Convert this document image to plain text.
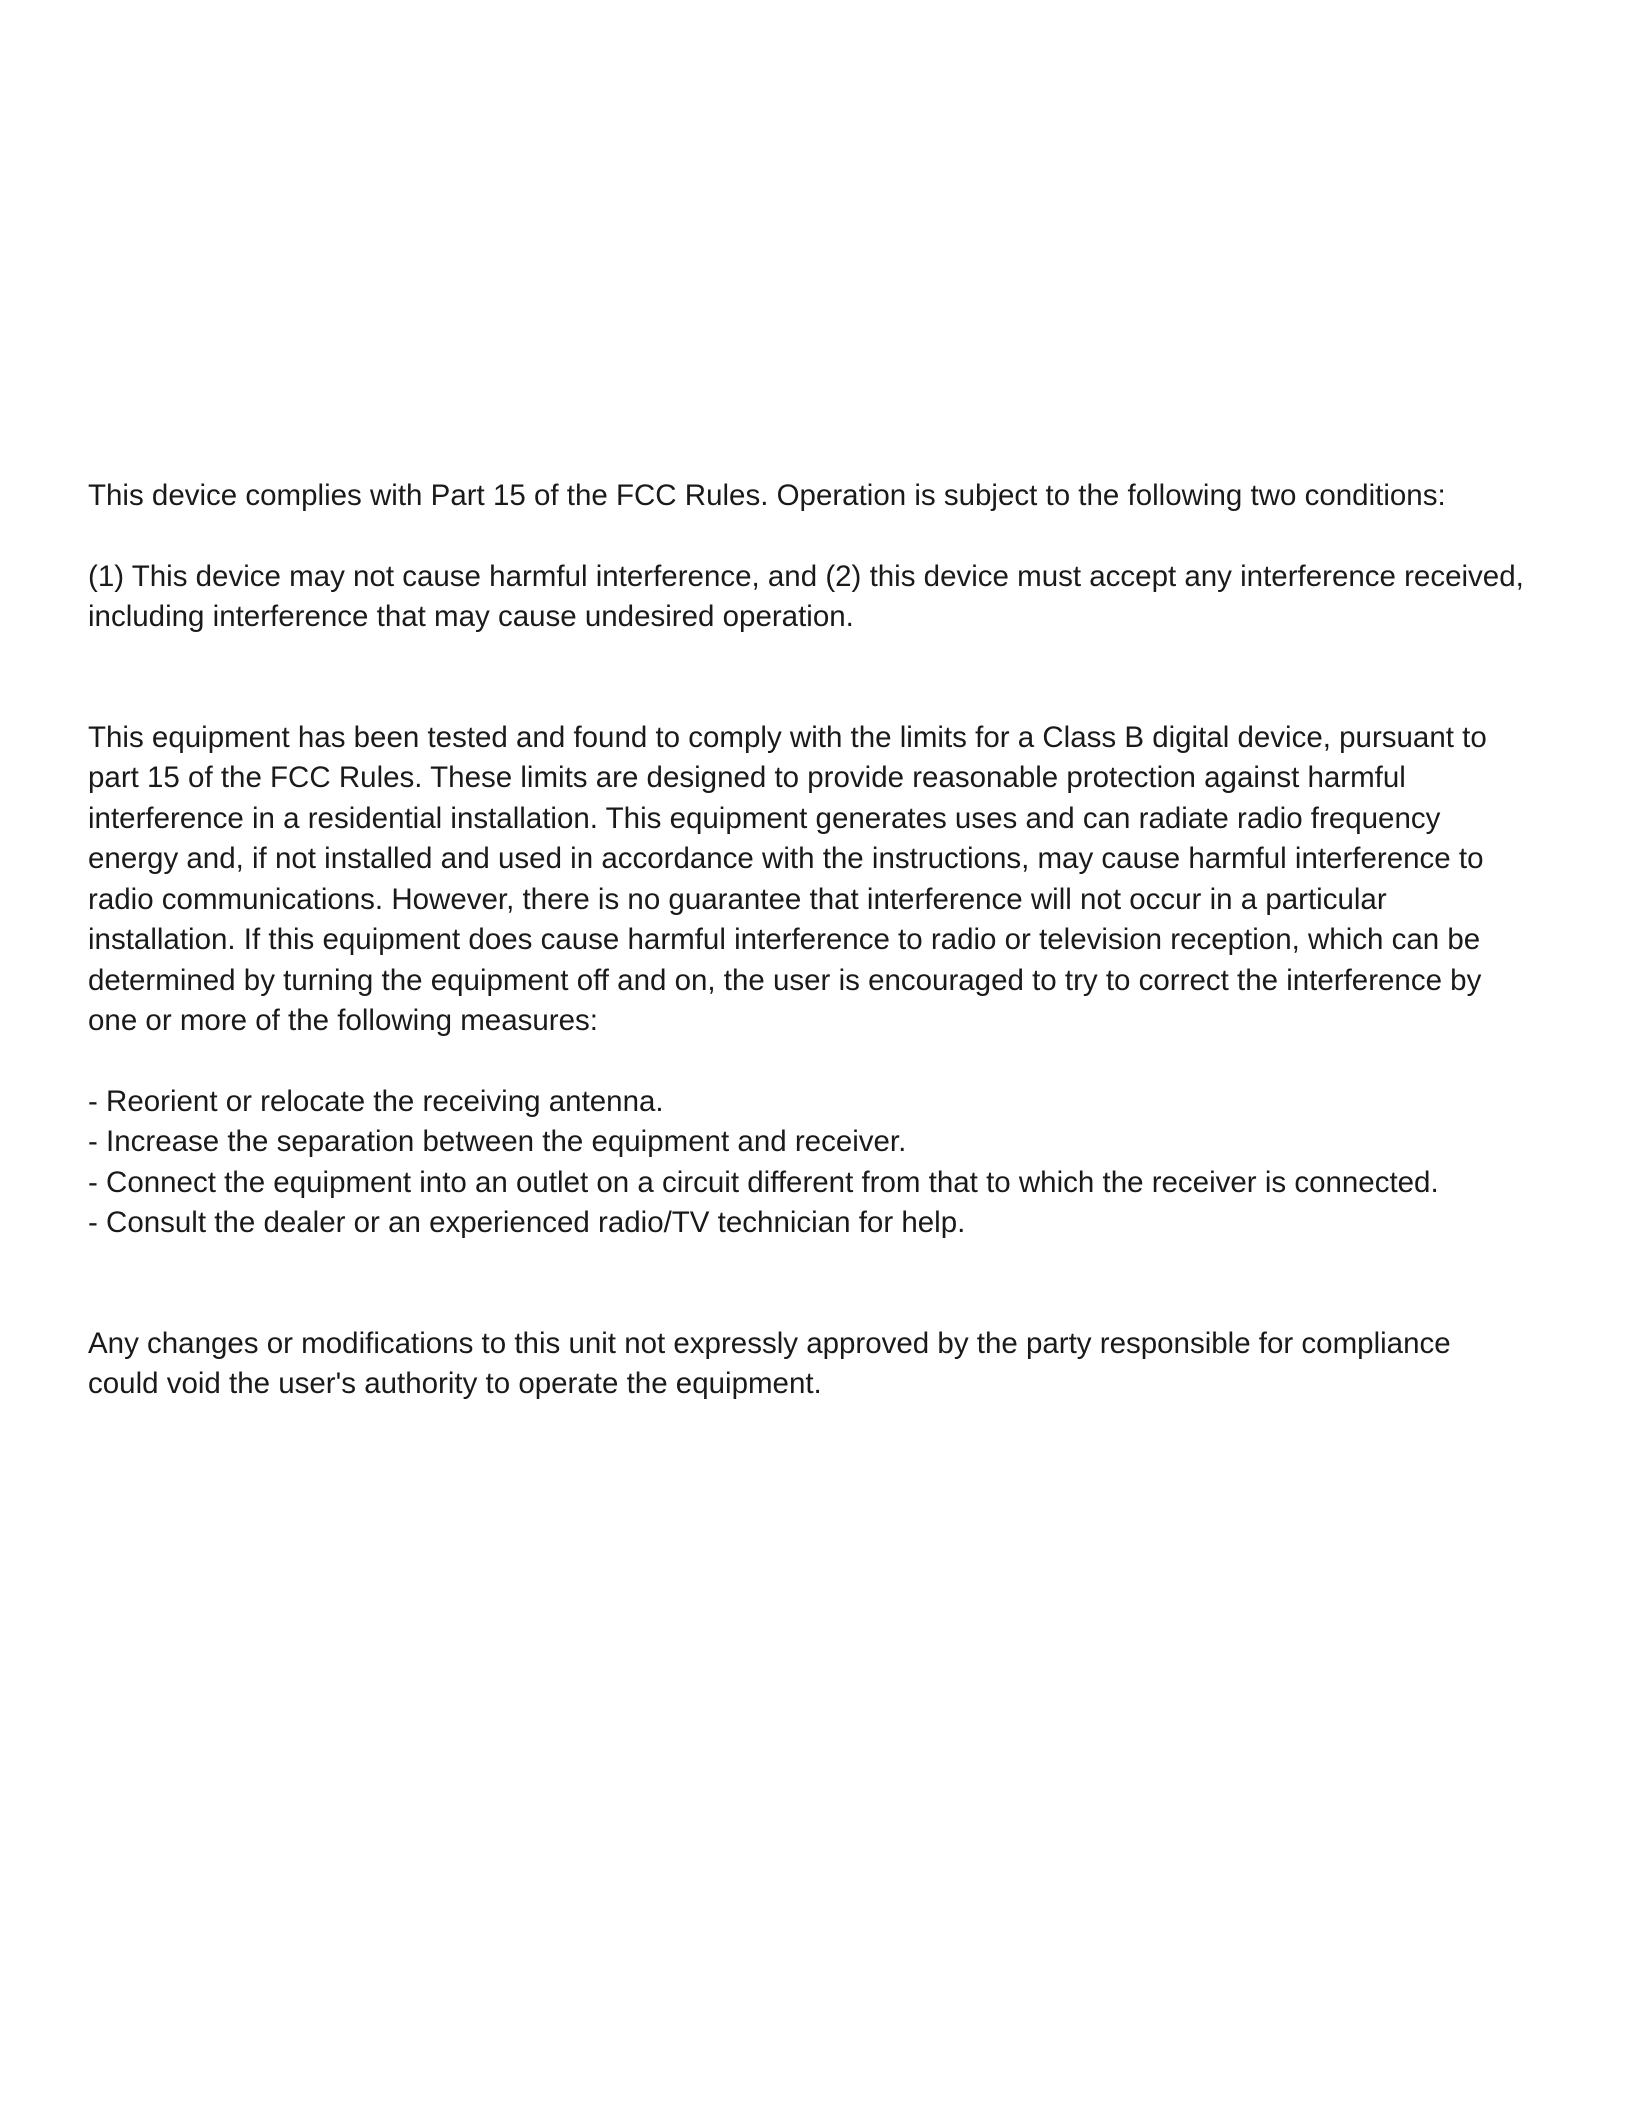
This device complies with Part 15 of the FCC Rules. Operation is subject to the following two conditions:

(1) This device may not cause harmful interference, and (2) this device must accept any interference received,
including interference that may cause undesired operation.

This equipment has been tested and found to comply with the limits for a Class B digital device, pursuant to
part 15 of the FCC Rules. These limits are designed to provide reasonable protection against harmful
interference in a residential installation. This equipment generates uses and can radiate radio frequency
energy and, if not installed and used in accordance with the instructions, may cause harmful interference to
radio communications. However, there is no guarantee that interference will not occur in a particular
installation. If this equipment does cause harmful interference to radio or television reception, which can be
determined by turning the equipment off and on, the user is encouraged to try to correct the interference by
one or more of the following measures:

- Reorient or relocate the receiving antenna.
- Increase the separation between the equipment and receiver.
- Connect the equipment into an outlet on a circuit different from that to which the receiver is connected.
- Consult the dealer or an experienced radio/TV technician for help.

Any changes or modifications to this unit not expressly approved by the party responsible for compliance
could void the user's authority to operate the equipment.
